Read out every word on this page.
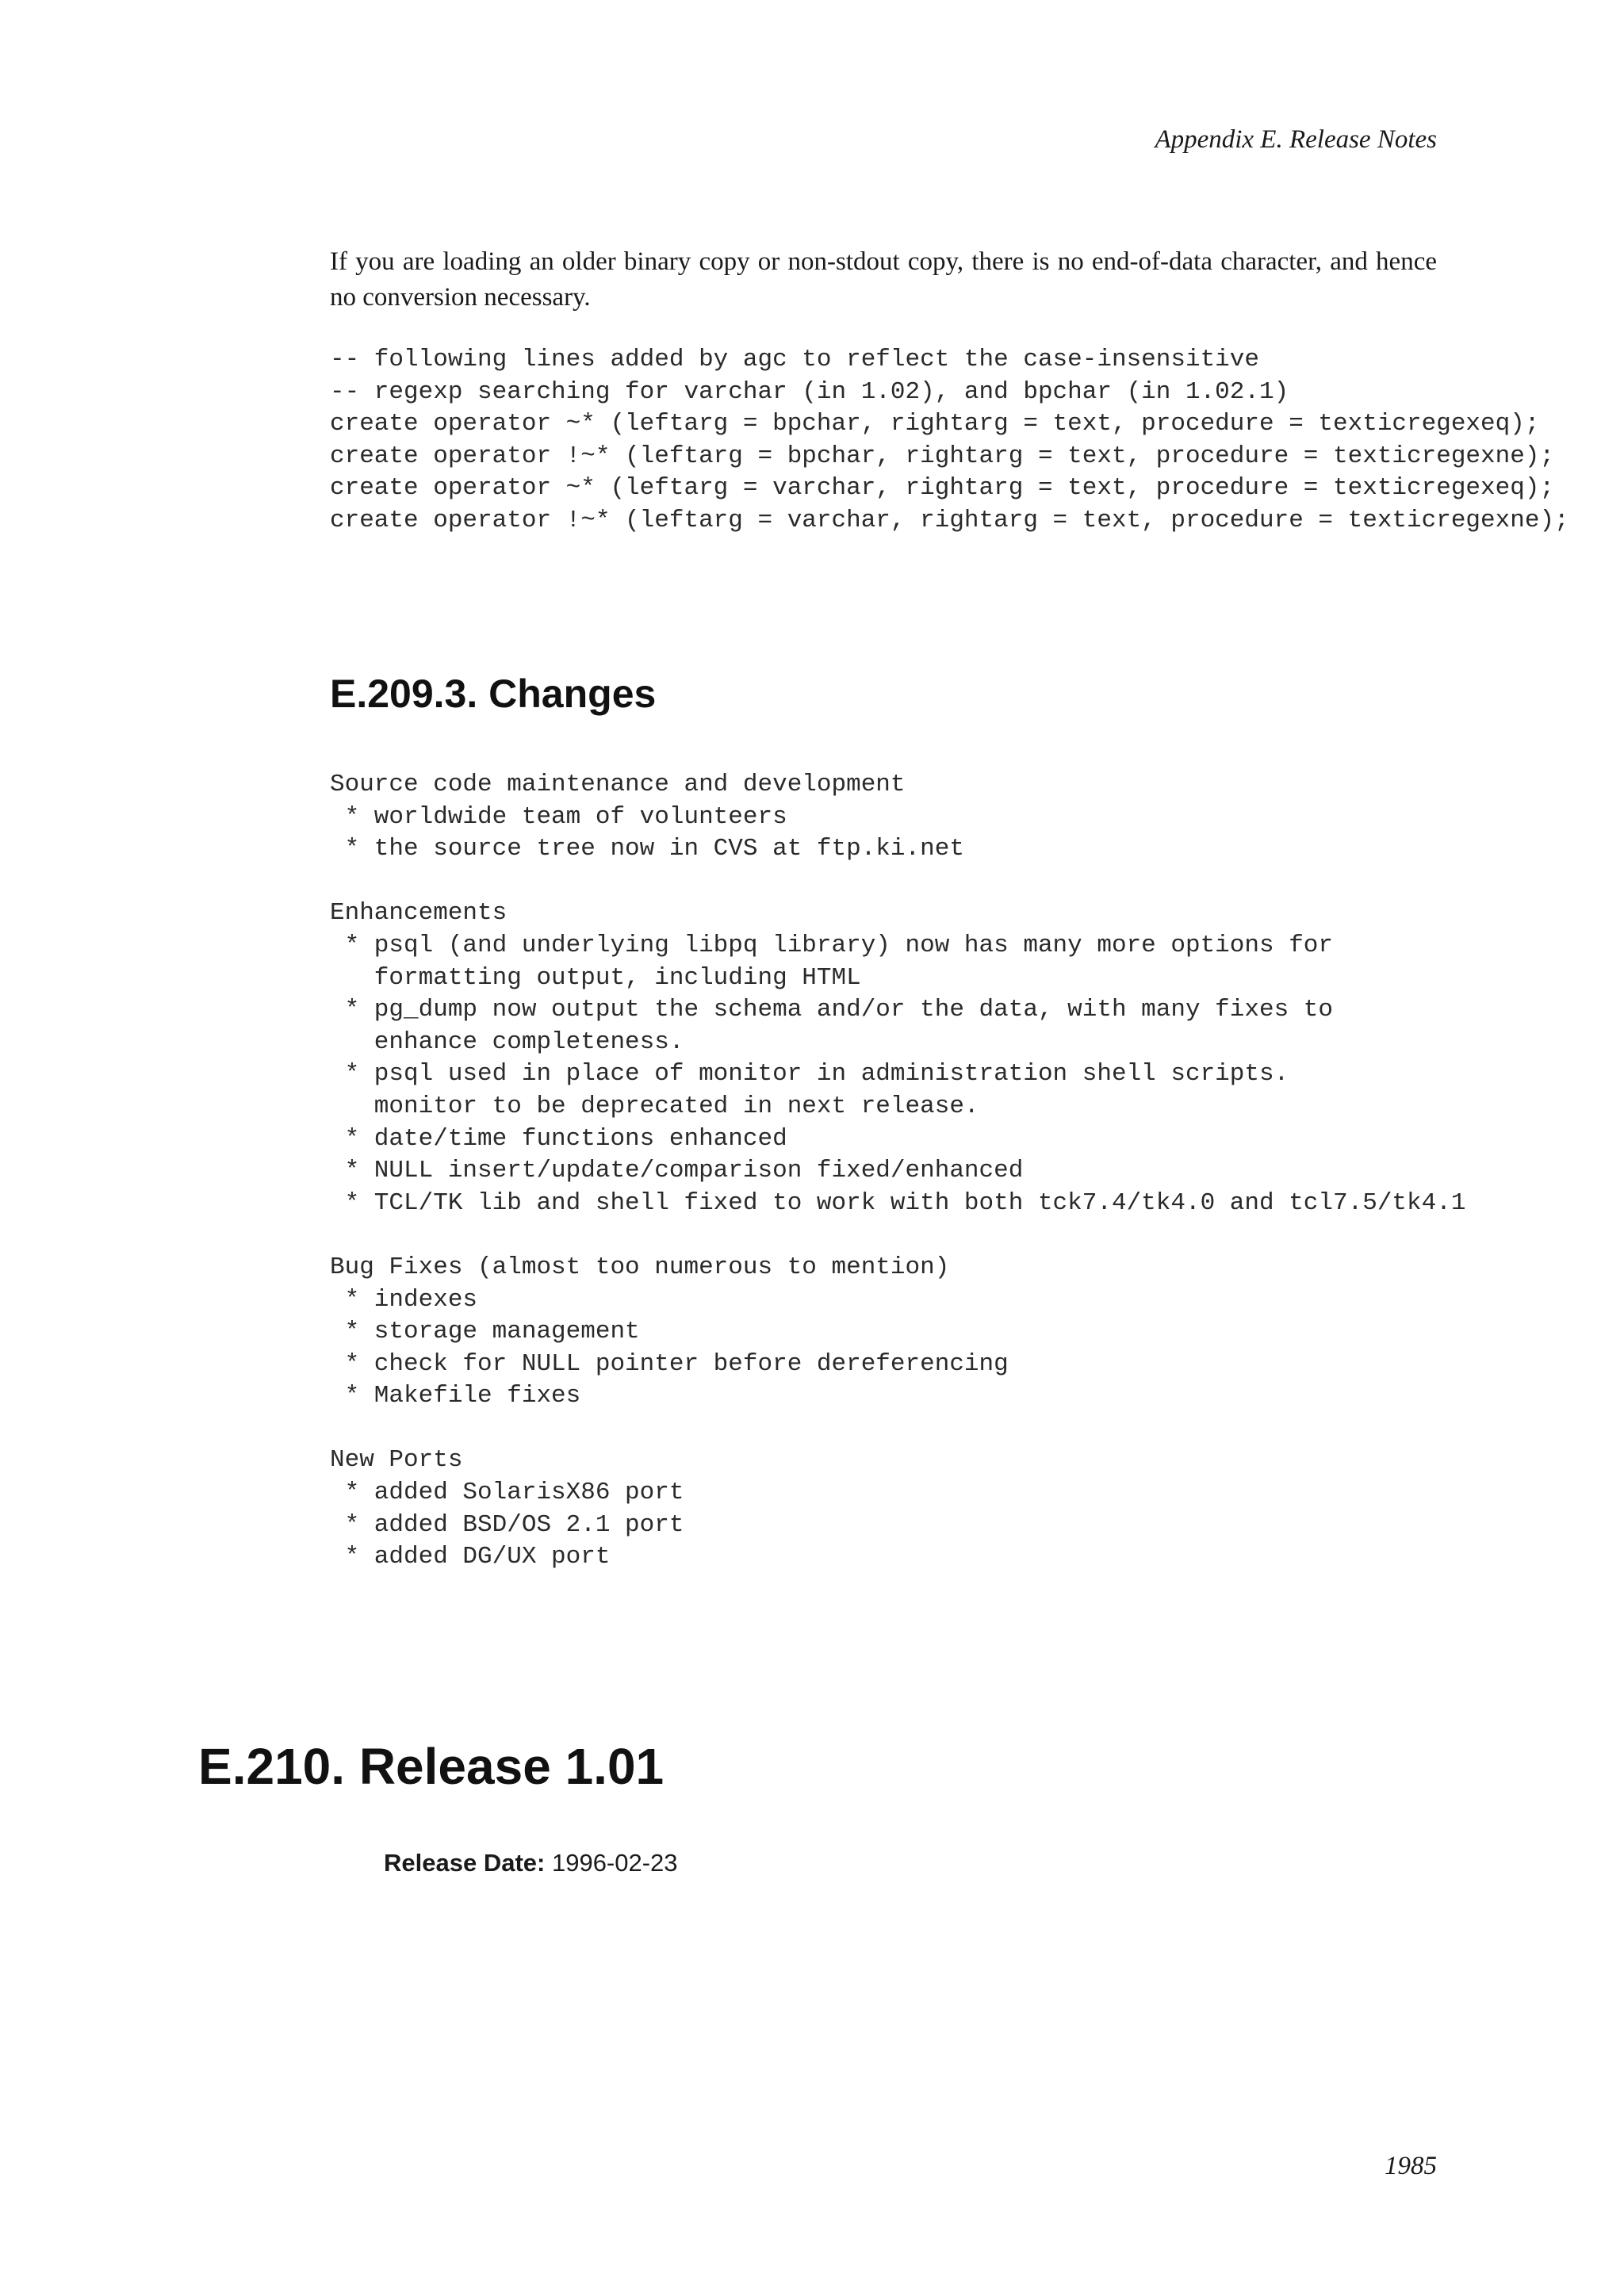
Appendix E. Release Notes

If you are loading an older binary copy or non-stdout copy, there is no end-of-data character, and hence no conversion necessary.

-- following lines added by agc to reflect the case-insensitive
-- regexp searching for varchar (in 1.02), and bpchar (in 1.02.1)
create operator ~* (leftarg = bpchar, rightarg = text, procedure = texticregexeq);
create operator !~* (leftarg = bpchar, rightarg = text, procedure = texticregexne);
create operator ~* (leftarg = varchar, rightarg = text, procedure = texticregexeq);
create operator !~* (leftarg = varchar, rightarg = text, procedure = texticregexne);
E.209.3. Changes
Source code maintenance and development
* worldwide team of volunteers
* the source tree now in CVS at ftp.ki.net

Enhancements
* psql (and underlying libpq library) now has many more options for
formatting output, including HTML
* pg_dump now output the schema and/or the data, with many fixes to
enhance completeness.
* psql used in place of monitor in administration shell scripts.
monitor to be deprecated in next release.
* date/time functions enhanced
* NULL insert/update/comparison fixed/enhanced
* TCL/TK lib and shell fixed to work with both tck7.4/tk4.0 and tcl7.5/tk4.1

Bug Fixes (almost too numerous to mention)
* indexes
* storage management
* check for NULL pointer before dereferencing
* Makefile fixes

New Ports
* added SolarisX86 port
* added BSD/OS 2.1 port
* added DG/UX port
E.210. Release 1.01
Release Date: 1996-02-23
1985
